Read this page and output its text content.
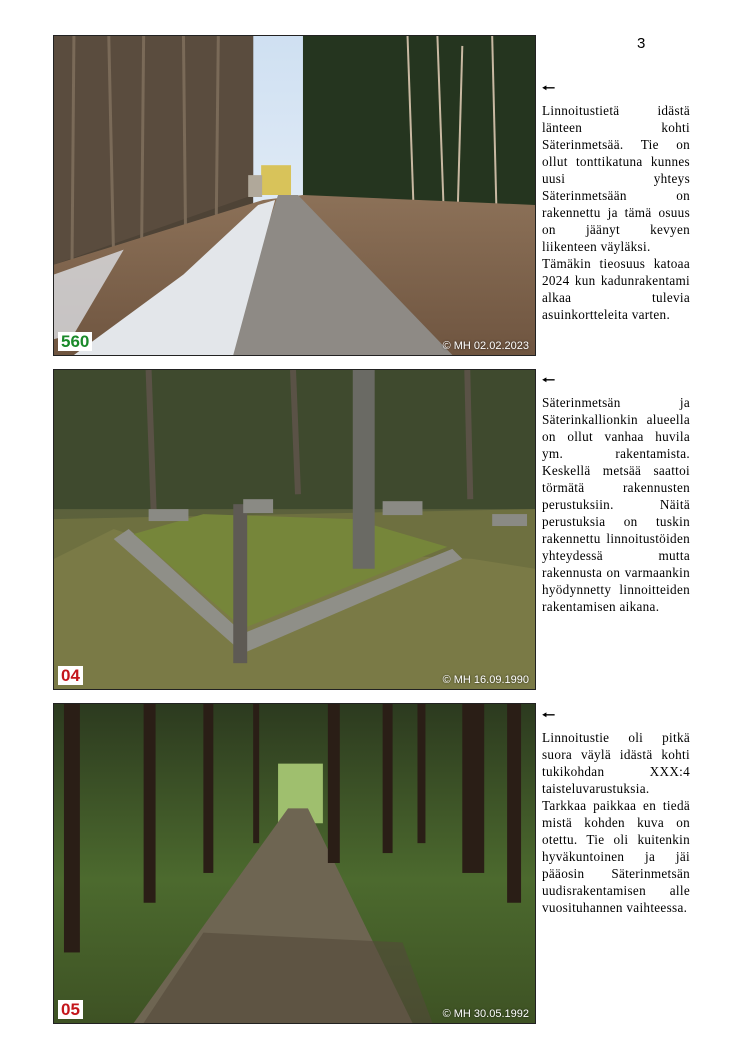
3
560	© MH 02.02.2023
🠐
Linnoitustietä idästä länteen kohti Säterinmetsää. Tie on ollut tonttikatuna kunnes uusi yhteys Säterinmetsään on rakennettu ja tämä osuus on jäänyt kevyen liikenteen väyläksi.
Tämäkin tieosuus katoaa 2024 kun kadunrakentami alkaa tulevia asuinkortteleita varten.
04	© MH 16.09.1990
🠐
Säterinmetsän ja Säterinkallionkin alueella on ollut vanhaa huvila ym. rakentamista. Keskellä metsää saattoi törmätä rakennusten perustuksiin. Näitä perustuksia on tuskin rakennettu linnoitustöiden yhteydessä mutta rakennusta on varmaankin hyödynnetty linnoitteiden rakentamisen aikana.
05	© MH 30.05.1992
🠐
Linnoitustie oli pitkä suora väylä idästä kohti tukikohdan XXX:4 taisteluvarustuksia. Tarkkaa paikkaa en tiedä mistä kohden kuva on otettu. Tie oli kuitenkin hyväkuntoinen ja jäi pääosin Säterinmetsän uudisrakentamisen alle vuosituhannen vaihteessa.
